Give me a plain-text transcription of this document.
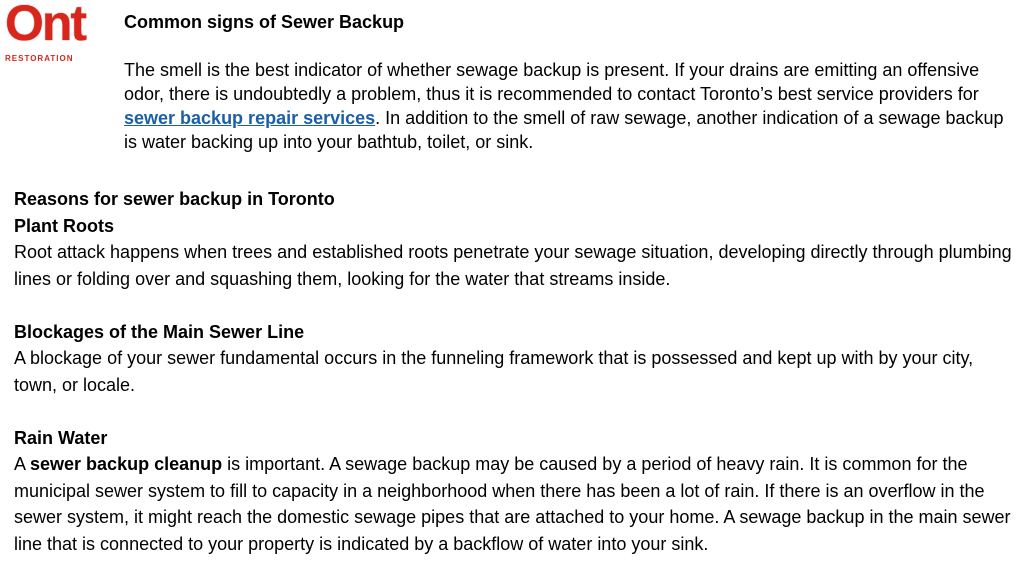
Ont
RESTORATION

Common signs of Sewer Backup

The smell is the best indicator of whether sewage backup is present. If your drains are emitting an offensive odor, there is undoubtedly a problem, thus it is recommended to contact Toronto’s best service providers for sewer backup repair services. In addition to the smell of raw sewage, another indication of a sewage backup is water backing up into your bathtub, toilet, or sink.

Reasons for sewer backup in Toronto

Plant Roots

Root attack happens when trees and established roots penetrate your sewage situation, developing directly through plumbing lines or folding over and squashing them, looking for the water that streams inside.

Blockages of the Main Sewer Line

A blockage of your sewer fundamental occurs in the funneling framework that is possessed and kept up with by your city, town, or locale.

Rain Water

A sewer backup cleanup is important. A sewage backup may be caused by a period of heavy rain. It is common for the municipal sewer system to fill to capacity in a neighborhood when there has been a lot of rain. If there is an overflow in the sewer system, it might reach the domestic sewage pipes that are attached to your home. A sewage backup in the main sewer line that is connected to your property is indicated by a backflow of water into your sink.
